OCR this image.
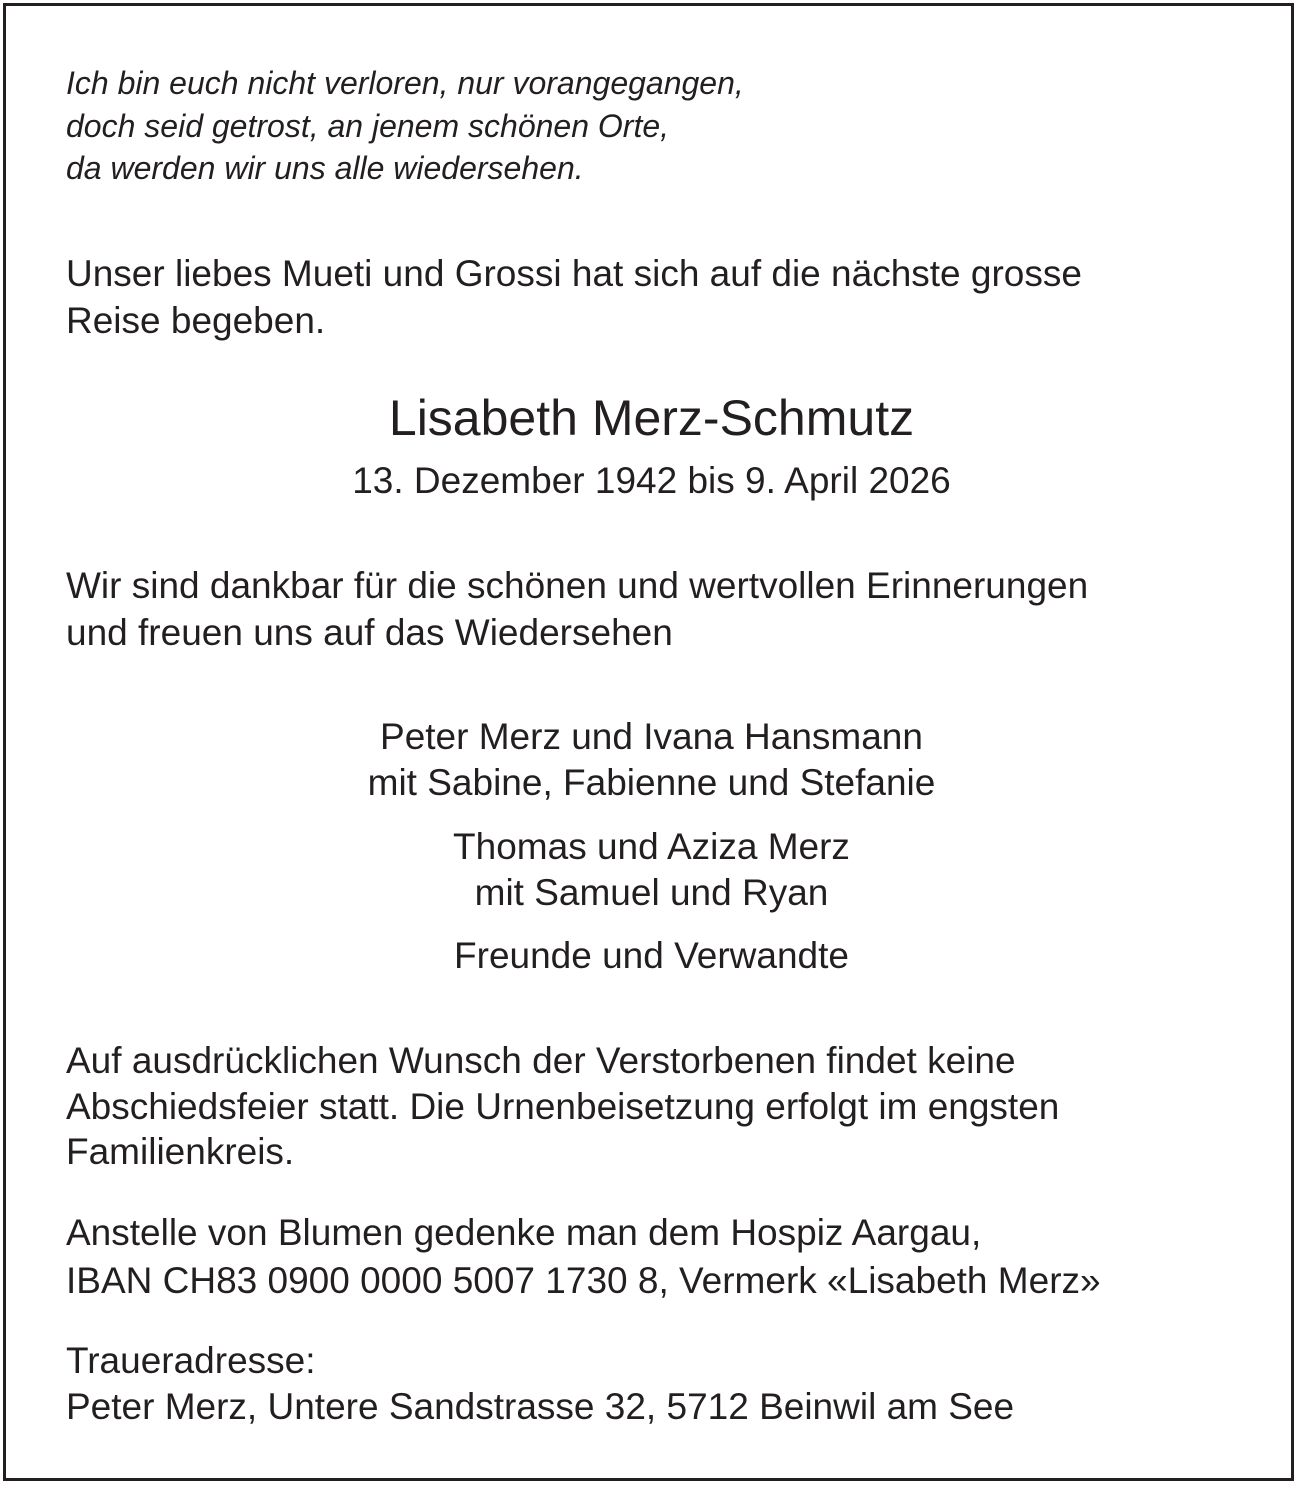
Ich bin euch nicht verloren, nur vorangegangen,
doch seid getrost, an jenem schönen Orte,
da werden wir uns alle wiedersehen.
Unser liebes Mueti und Grossi hat sich auf die nächste grosse
Reise begeben.
Lisabeth Merz-Schmutz
13. Dezember 1942 bis 9. April 2026
Wir sind dankbar für die schönen und wertvollen Erinnerungen
und freuen uns auf das Wiedersehen
Peter Merz und Ivana Hansmann
mit Sabine, Fabienne und Stefanie
Thomas und Aziza Merz
mit Samuel und Ryan
Freunde und Verwandte
Auf ausdrücklichen Wunsch der Verstorbenen findet keine
Abschiedsfeier statt. Die Urnenbeisetzung erfolgt im engsten
Familienkreis.
Anstelle von Blumen gedenke man dem Hospiz Aargau,
IBAN CH83 0900 0000 5007 1730 8, Vermerk «Lisabeth Merz»
Traueradresse:
Peter Merz, Untere Sandstrasse 32, 5712 Beinwil am See
